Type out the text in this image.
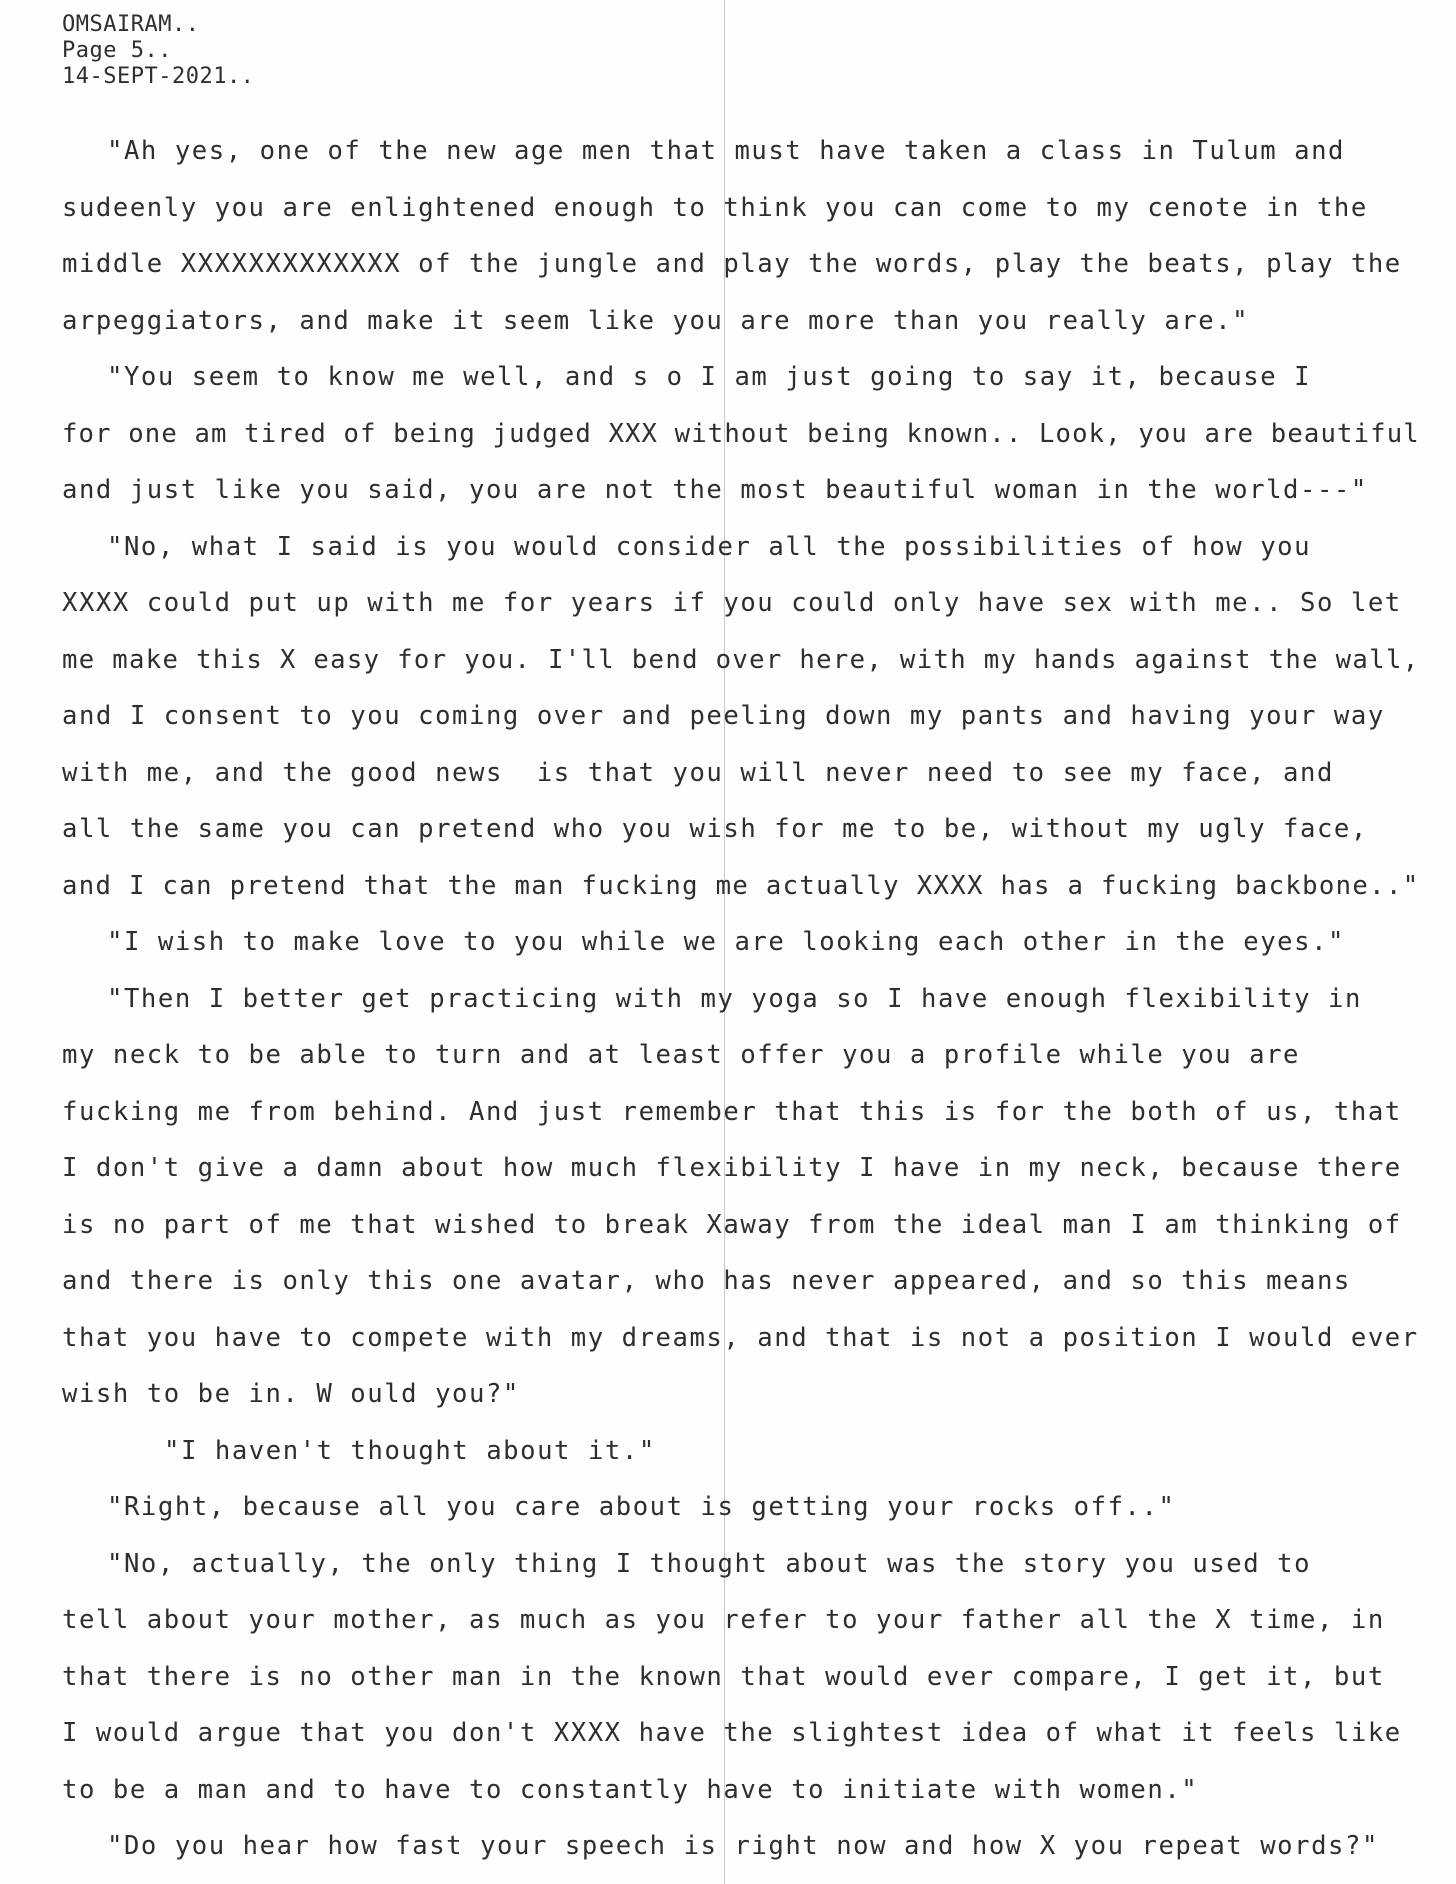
OMSAIRAM..
Page 5..
14-SEPT-2021..
"Ah yes, one of the new age men that must have taken a class in Tulum and
sudeenly you are enlightened enough to think you can come to my cenote in the
middle XXXXXXXXXXXXX of the jungle and play the words, play the beats, play the
arpeggiators, and make it seem like you are more than you really are."
"You seem to know me well, and s o I am just going to say it, because I
for one am tired of being judged XXX without being known.. Look, you are beautiful
and just like you said, you are not the most beautiful woman in the world---"
"No, what I said is you would consider all the possibilities of how you
XXXX could put up with me for years if you could only have sex with me.. So let
me make this X easy for you. I'll bend over here, with my hands against the wall,
and I consent to you coming over and peeling down my pants and having your way
with me, and the good news  is that you will never need to see my face, and
all the same you can pretend who you wish for me to be, without my ugly face,
and I can pretend that the man fucking me actually XXXX has a fucking backbone.."
"I wish to make love to you while we are looking each other in the eyes."
"Then I better get practicing with my yoga so I have enough flexibility in
my neck to be able to turn and at least offer you a profile while you are
fucking me from behind. And just remember that this is for the both of us, that
I don't give a damn about how much flexibility I have in my neck, because there
is no part of me that wished to break Xaway from the ideal man I am thinking of
and there is only this one avatar, who has never appeared, and so this means
that you have to compete with my dreams, and that is not a position I would ever
wish to be in. W ould you?"
"I haven't thought about it."
"Right, because all you care about is getting your rocks off.."
"No, actually, the only thing I thought about was the story you used to
tell about your mother, as much as you refer to your father all the X time, in
that there is no other man in the known that would ever compare, I get it, but
I would argue that you don't XXXX have the slightest idea of what it feels like
to be a man and to have to constantly have to initiate with women."
"Do you hear how fast your speech is right now and how X you repeat words?"
